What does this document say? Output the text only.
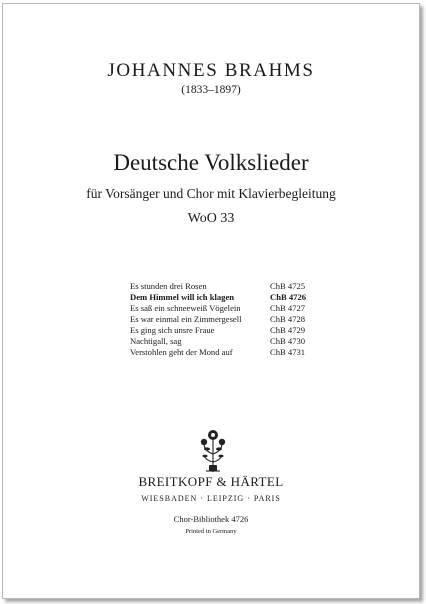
JOHANNES BRAHMS
(1833–1897)
Deutsche Volkslieder
für Vorsänger und Chor mit Klavierbegleitung
WoO 33
Es stunden drei Rosen	ChB 4725
Dem Himmel will ich klagen	ChB 4726
Es saß ein schneeweiß Vögelein	ChB 4727
Es war einmal ein Zimmergesell	ChB 4728
Es ging sich unsre Fraue	ChB 4729
Nachtigall, sag	ChB 4730
Verstohlen geht der Mond auf	ChB 4731
BREITKOPF & HÄRTEL
WIESBADEN · LEIPZIG · PARIS
Chor-Bibliothek 4726
Printed in Germany
